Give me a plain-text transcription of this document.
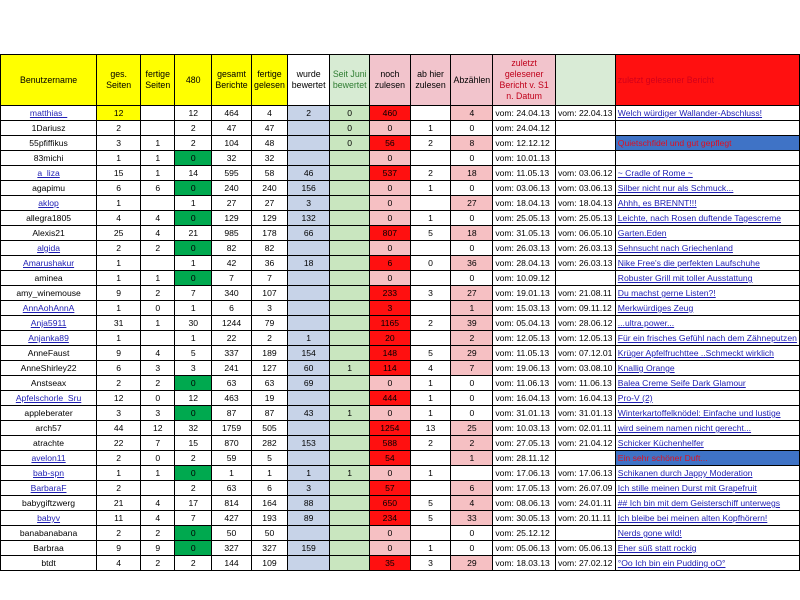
Benutzername	ges. Seiten	fertige Seiten	480	gesamt Berichte	fertige gelesen	wurde bewertet	Seit Juni bewertet	noch zulesen	ab hier zulesen	Abzählen	zuletzt gelesener Bericht v. S1 n. Datum		zuletzt gelesener Bericht
matthias_	12		12	464	4	2	0	460		4	vom: 24.04.13	vom: 22.04.13	Welch würdiger Wallander-Abschluss!
1Dariusz	2		2	47	47		0	0	1	0	vom: 24.04.12		
55pfiffikus	3	1	2	104	48		0	56	2	8	vom: 12.12.12		Quietschfidel und gut gepflegt
83michi	1	1	0	32	32			0		0	vom: 10.01.13		
a_liza	15	1	14	595	58	46		537	2	18	vom: 11.05.13	vom: 03.06.12	~ Cradle of Rome ~
agapimu	6	6	0	240	240	156		0	1	0	vom: 03.06.13	vom: 03.06.13	Silber nicht nur als Schmuck...
aklop	1		1	27	27	3		0		27	vom: 18.04.13	vom: 18.04.13	Ahhh, es BRENNT!!!
allegra1805	4	4	0	129	129	132		0	1	0	vom: 25.05.13	vom: 25.05.13	Leichte, nach Rosen duftende Tagescreme
Alexis21	25	4	21	985	178	66		807	5	18	vom: 31.05.13	vom: 06.05.10	Garten.Eden
algida	2	2	0	82	82			0		0	vom: 26.03.13	vom: 26.03.13	Sehnsucht nach Griechenland
Amarushakur	1		1	42	36	18		6	0	36	vom: 28.04.13	vom: 26.03.13	Nike Free's die perfekten Laufschuhe
aminea	1	1	0	7	7			0		0	vom: 10.09.12		Robuster Grill mit toller Ausstattung
amy_winemouse	9	2	7	340	107			233	3	27	vom: 19.01.13	vom: 21.08.11	Du machst gerne Listen?!
AnnAohAnnA	1	0	1	6	3			3		1	vom: 15.03.13	vom: 09.11.12	Merkwürdiges Zeug
Anja5911	31	1	30	1244	79			1165	2	39	vom: 05.04.13	vom: 28.06.12	...ultra.power...
Anjanka89	1		1	22	2	1		20		2	vom: 12.05.13	vom: 12.05.13	Für ein frisches Gefühl nach dem Zähneputzen
AnneFaust	9	4	5	337	189	154		148	5	29	vom: 11.05.13	vom: 07.12.01	Krüger Apfelfruchttee ..Schmeckt wirklich
AnneShirley22	6	3	3	241	127	60	1	114	4	7	vom: 19.06.13	vom: 03.08.10	Knallig Orange
Anstseax	2	2	0	63	63	69		0	1	0	vom: 11.06.13	vom: 11.06.13	Balea Creme Seife Dark Glamour
Apfelschorle_Sru	12	0	12	463	19			444	1	0	vom: 16.04.13	vom: 16.04.13	Pro-V (2)
appleberater	3	3	0	87	87	43	1	0	1	0	vom: 31.01.13	vom: 31.01.13	Winterkartoffelknödel: Einfache und lustige
arch57	44	12	32	1759	505			1254	13	25	vom: 10.03.13	vom: 02.01.11	wird seinem namen nicht gerecht...
atrachte	22	7	15	870	282	153		588	2	2	vom: 27.05.13	vom: 21.04.12	Schicker Küchenhelfer
avelon11	2	0	2	59	5			54		1	vom: 28.11.12		Ein sehr schöner Duft...
bab-spn	1	1	0	1	1	1	1	0	1		vom: 17.06.13	vom: 17.06.13	Schikanen durch Jappy Moderation
BarbaraF	2		2	63	6	3		57		6	vom: 17.05.13	vom: 26.07.09	Ich stille meinen Durst mit Grapefruit
babygiftzwerg	21	4	17	814	164	88		650	5	4	vom: 08.06.13	vom: 24.01.11	## Ich bin mit dem Geisterschiff unterwegs
babyv	11	4	7	427	193	89		234	5	33	vom: 30.05.13	vom: 20.11.11	Ich bleibe bei meinen alten Kopfhörern!
banabanabana	2	2	0	50	50			0		0	vom: 25.12.12		Nerds gone wild!
Barbraa	9	9	0	327	327	159		0	1	0	vom: 05.06.13	vom: 05.06.13	Eher süß statt rockig
btdt	4	2	2	144	109			35	3	29	vom: 18.03.13	vom: 27.02.12	°Oo Ich bin ein Pudding oO°
